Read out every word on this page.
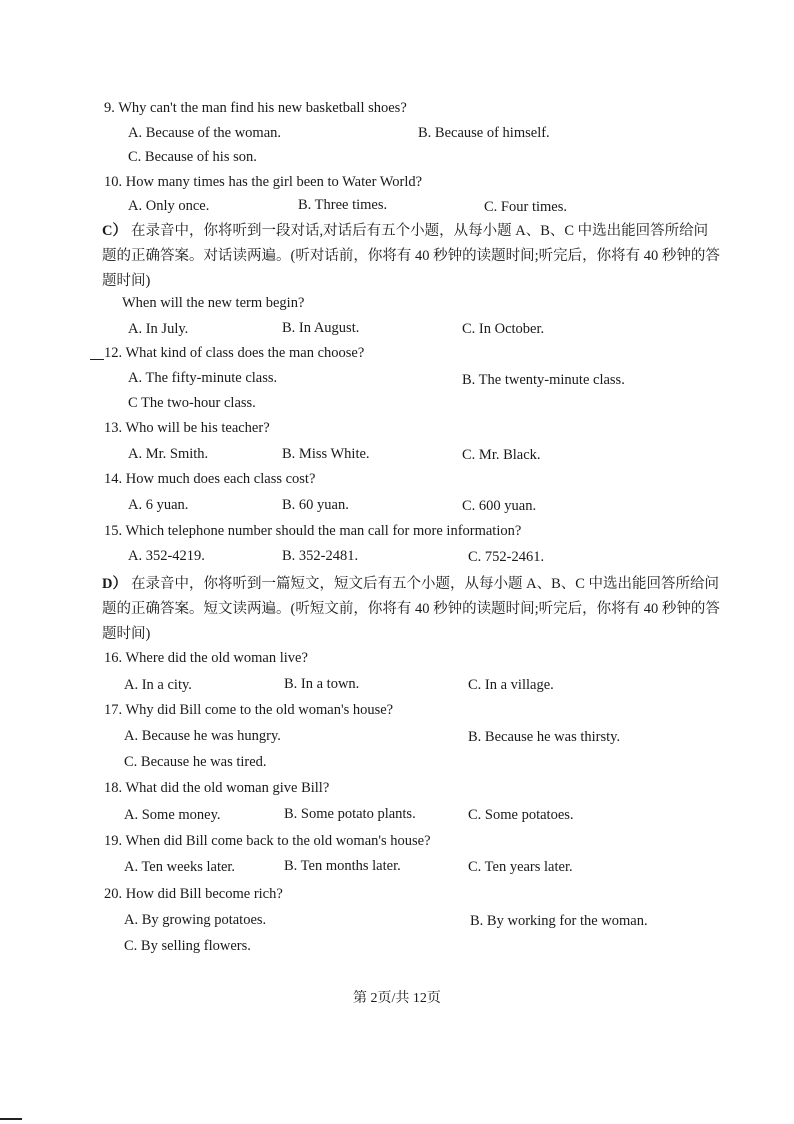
9. Why can't the man find his new basketball shoes?
A. Because of the woman.	B. Because of himself.
C. Because of his son.
10. How many times has the girl been to Water World?
A. Only once.	B. Three times.	C. Four times.
C） 在录音中，你将听到一段对话,对话后有五个小题，从每小题 A、B、C 中选出能回答所给问题的正确答案。对话读两遍。(听对话前，你将有 40 秒钟的读题时间;听完后，你将有 40 秒钟的答题时间)
When will the new term begin?
A. In July.	B. In August.	C. In October.
12. What kind of class does the man choose?
A. The fifty-minute class.	B. The twenty-minute class.
C The two-hour class.
13. Who will be his teacher?
A. Mr. Smith.	B. Miss White.	C. Mr. Black.
14. How much does each class cost?
A. 6 yuan.	B. 60 yuan.	C. 600 yuan.
15. Which telephone number should the man call for more information?
A. 352-4219.	B. 352-2481.	C. 752-2461.
D） 在录音中，你将听到一篇短文，短文后有五个小题，从每小题 A、B、C 中选出能回答所给问题的正确答案。短文读两遍。(听短文前，你将有 40 秒钟的读题时间;听完后，你将有 40 秒钟的答题时间)
16. Where did the old woman live?
A. In a city.	B. In a town.	C. In a village.
17. Why did Bill come to the old woman's house?
A. Because he was hungry.	B. Because he was thirsty.
C. Because he was tired.
18. What did the old woman give Bill?
A. Some money.	B. Some potato plants.	C. Some potatoes.
19. When did Bill come back to the old woman's house?
A. Ten weeks later.	B. Ten months later.	C. Ten years later.
20. How did Bill become rich?
A. By growing potatoes.	B. By working for the woman.
C. By selling flowers.
第 2页/共 12页
